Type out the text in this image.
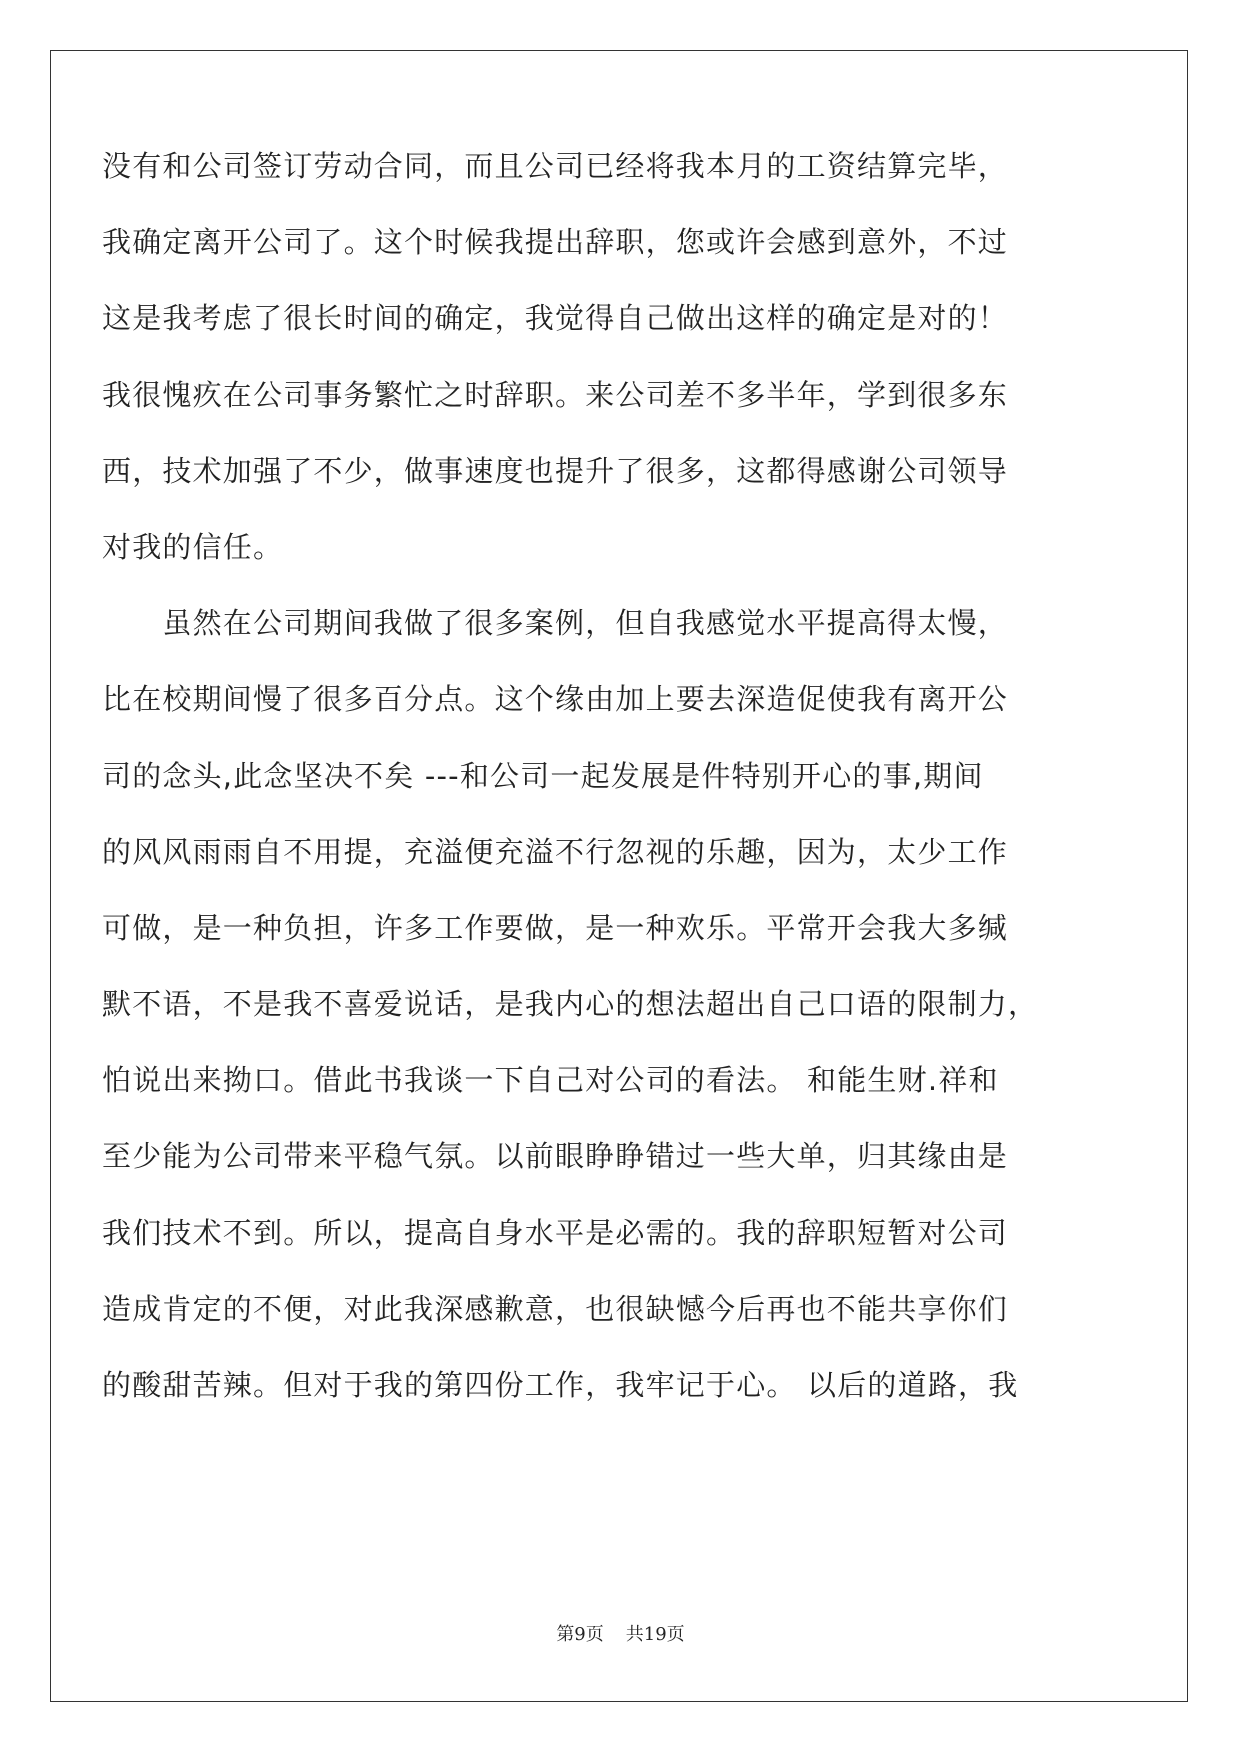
没有和公司签订劳动合同，而且公司已经将我本月的工资结算完毕，
我确定离开公司了。这个时候我提出辞职，您或许会感到意外，不过
这是我考虑了很长时间的确定，我觉得自己做出这样的确定是对的！
我很愧疚在公司事务繁忙之时辞职。来公司差不多半年，学到很多东
西，技术加强了不少，做事速度也提升了很多，这都得感谢公司领导
对我的信任。
　　虽然在公司期间我做了很多案例，但自我感觉水平提高得太慢，
比在校期间慢了很多百分点。这个缘由加上要去深造促使我有离开公
司的念头,此念坚决不矣 ---和公司一起发展是件特别开心的事,期间
的风风雨雨自不用提，充溢便充溢不行忽视的乐趣，因为，太少工作
可做，是一种负担，许多工作要做，是一种欢乐。平常开会我大多缄
默不语，不是我不喜爱说话，是我内心的想法超出自己口语的限制力，
怕说出来拗口。借此书我谈一下自己对公司的看法。 和能生财.祥和
至少能为公司带来平稳气氛。以前眼睁睁错过一些大单，归其缘由是
我们技术不到。所以，提高自身水平是必需的。我的辞职短暂对公司
造成肯定的不便，对此我深感歉意，也很缺憾今后再也不能共享你们
的酸甜苦辣。但对于我的第四份工作，我牢记于心。 以后的道路，我
第9页 共19页
